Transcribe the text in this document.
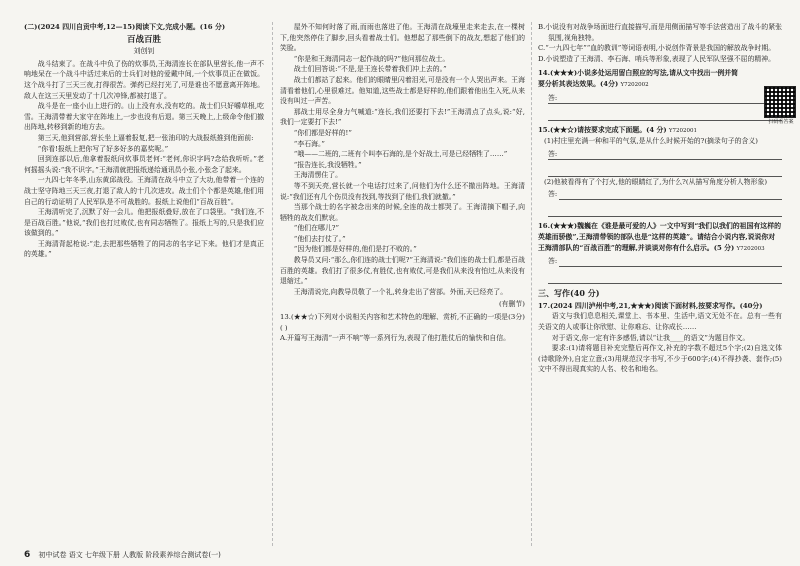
(二)(2024 四川自贡中考,12—15)阅读下文,完成小题。(16 分)
百战百胜
刘创钊

战斗结束了。在战斗中负了伤的炊事员,王海清连长在部队里营长,他一声不响地呆在一个战斗中活过来后的士兵们对他的爱戴中间,一个炊事员正在做饭。这个战斗打了三天三夜,打得很苦。弹药已经打光了,可是谁也不愿意离开阵地。敌人在这三天里发动了十几次冲锋,都被打退了。

战斗是在一座小山上进行的。山上没有水,没有吃的。战士们只好嚼草根,吃雪。王海清带着大家守在阵地上,一步也没有后退。第三天晚上,上级命令他们撤出阵地,转移到新的地方去。

第三天,他到营部,营长坐上逼着报复,把一张油印的大战报纸推到他面前:

“你看!报纸上把你写了好多好多的嘉奖呢。”

回到连部以后,他拿着报纸问炊事员老何:“老何,你识字吗?念给我听听。”老何摇摇头说:“我不识字。”王海清就把报纸递给通讯员小张,小张念了起来。

一九四七年冬季,山东黄邱战役。王海清在战斗中立了大功,他带着一个连的战士坚守阵地三天三夜,打退了敌人的十几次进攻。战士们个个都是英雄,他们用自己的行动证明了人民军队是不可战胜的。报纸上说他们“百战百胜”。

王海清听完了,沉默了好一会儿。他把报纸叠好,放在了口袋里。“我们连,不是百战百胜。”他说,“我们也打过败仗,也有同志牺牲了。报纸上写的,只是我们应该做到的。”

王海清背起枪说:“走,去把那些牺牲了的同志的名字记下来。他们才是真正的英雄。”

屋外不知何时落了雨,而雨也落进了他。王海清在战壕里走来走去,在一棵树下,他突然停住了脚步,回头看着战士们。他想起了那些倒下的战友,想起了他们的笑脸。

“你是和王海清同志一起作战的吗?”他问那位战士。

战士们回答说:“不是,是王连长带着我们冲上去的。”

战士们都站了起来。他们的眼睛里闪着泪光,可是没有一个人哭出声来。王海清看着他们,心里很难过。他知道,这些战士都是好样的,他们跟着他出生入死,从来没有叫过一声苦。

那战士用尽全身力气喊道:“连长,我们还要打下去!”王海清点了点头,说:“好,我们一定要打下去!”

“你们都是好样的!”

“李石海。”

“哦——二班的,二班有个叫李石海的,是个好战士,可是已经牺牲了……”

“报告连长,我没牺牲。”

王海清愣住了。

等不到天亮,营长就一个电话打过来了,问他们为什么还不撤出阵地。王海清说:“我们还有几个伤员没有找到,等找到了他们,我们就撤。”

当那个战士的名字被念出来的时候,全连的战士都哭了。王海清摘下帽子,向牺牲的战友们默哀。

“他们在哪儿?”

“他们去打仗了。”

“因为他们都是好样的,他们是打不败的。”

教导员又问:“那么,你们连的战士们呢?”王海清说:“我们连的战士们,都是百战百胜的英雄。我们打了很多仗,有胜仗,也有败仗,可是我们从来没有怕过,从来没有退缩过。”

王海清说完,向教导员敬了一个礼,转身走出了营部。外面,天已经亮了。

(有删节)

13.(★★☆)下列对小说相关内容和艺术特色的理解、赏析,不正确的一项是(3分) ( )

A.开篇写王海清“一声不响”等一系列行为,表现了他打胜仗后的愉快和自信。

B.小说没有对战争场面进行直接描写,而是用侧面描写等手法营造出了战斗的紧张氛围,视角独特。

C.“一九四七年”“血的教训”等词语表明,小说创作背景是我国的解放战争时期。

D.小说塑造了王海清、李石海、哨兵等形象,表现了人民军队坚强不屈的精神。

14.(★★★)小说多处运用留白照应的写法,请从文中找出一例并简要分析其表达效果。(4分) Y7202002
答:
15.(★★☆)请按要求完成下面题。(4 分) Y7202001

(1)村庄里充满一种和平的气氛,是从什么时候开始的?(摘录句子的含义)

答:

(2)他被看得有了个打火,他的眼睛红了,为什么?(从描写角度分析人物形象)

答:
16.(★★★)魏巍在《谁是最可爱的人》一文中写到“我们以我们的祖国有这样的英雄而骄傲”,王海清带领的部队也是“这样的英雄”。请结合小说内容,说说你对王海清部队的“百战百胜”的理解,并谈谈对你有什么启示。(5 分) Y7202003
答:
三、写作(40 分)

17.(2024 四川泸州中考,21,★★★)阅读下面材料,按要求写作。(40分)

语文与我们息息相关,课堂上、书本里、生活中,语文无处不在。总有一些有关语文的人或事让你欣慰、让你难忘、让你成长……

对于语文,你一定有许多感悟,请以“让我____的语文”为题目作文。

要求:(1)请将题目补充完整后再作文,补充的字数不超过5个字;(2)自选文体(诗歌除外),自定立意;(3)用规范汉字书写,不少于600字;(4)不得抄袭、套作;(5)文中不得出现真实的人名、校名和地名。

扫码看答案
6 初中试卷 语文 七年级下册 人教版 阶段素养综合测试卷(一)
